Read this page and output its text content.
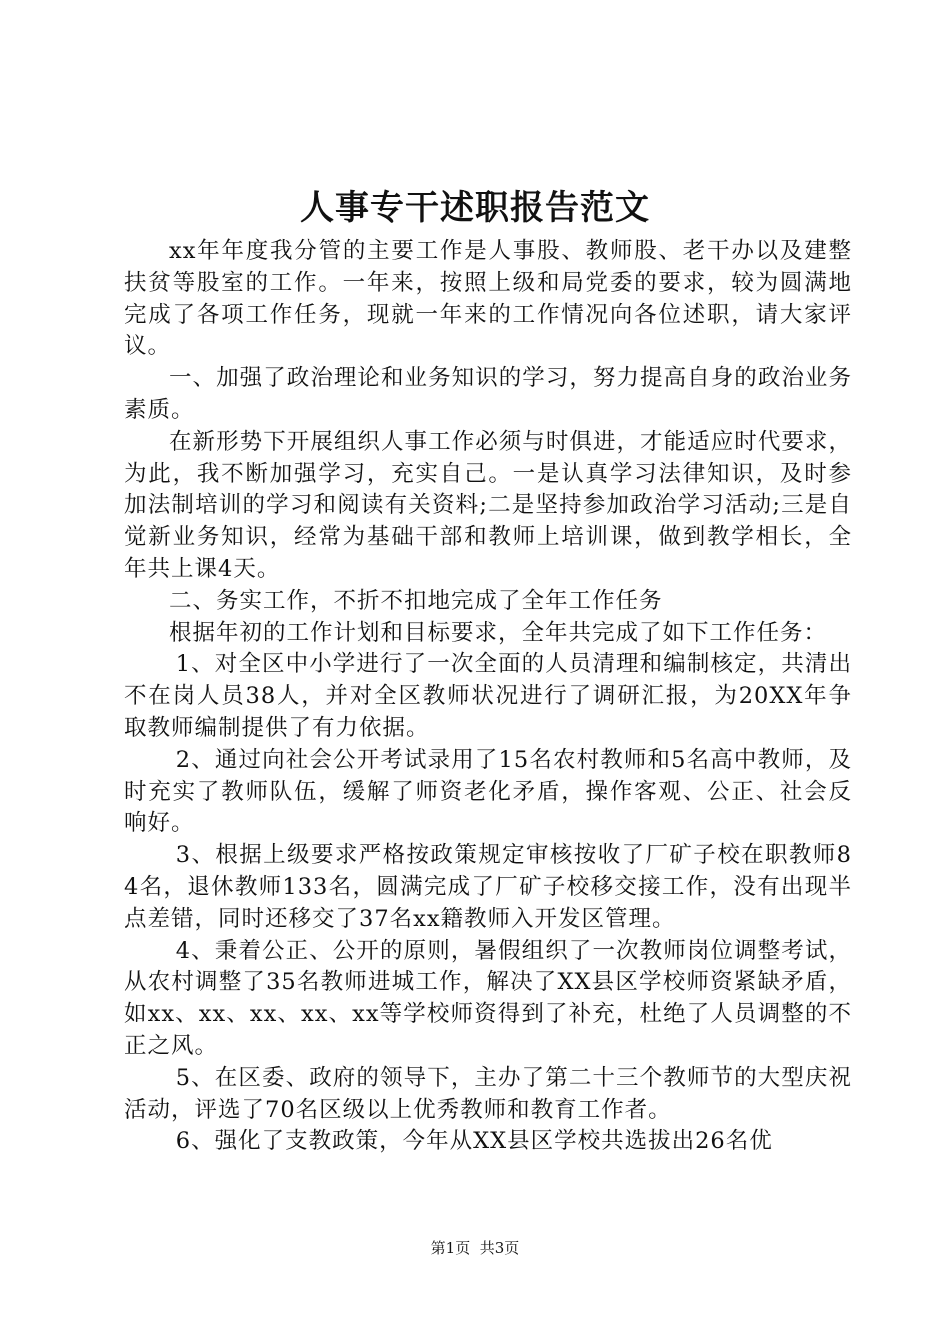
人事专干述职报告范文

xx年年度我分管的主要工作是人事股、教师股、老干办以及建整扶贫等股室的工作。一年来，按照上级和局党委的要求，较为圆满地完成了各项工作任务，现就一年来的工作情况向各位述职，请大家评议。

一、加强了政治理论和业务知识的学习，努力提高自身的政治业务素质。

在新形势下开展组织人事工作必须与时俱进，才能适应时代要求，为此，我不断加强学习，充实自己。一是认真学习法律知识，及时参加法制培训的学习和阅读有关资料;二是坚持参加政治学习活动;三是自觉新业务知识，经常为基础干部和教师上培训课，做到教学相长，全年共上课4天。

二、务实工作，不折不扣地完成了全年工作任务

根据年初的工作计划和目标要求，全年共完成了如下工作任务：

1、对全区中小学进行了一次全面的人员清理和编制核定，共清出不在岗人员38人，并对全区教师状况进行了调研汇报，为20XX年争取教师编制提供了有力依据。

2、通过向社会公开考试录用了15名农村教师和5名高中教师，及时充实了教师队伍，缓解了师资老化矛盾，操作客观、公正、社会反响好。

3、根据上级要求严格按政策规定审核按收了厂矿子校在职教师84名，退休教师133名，圆满完成了厂矿子校移交接工作，没有出现半点差错，同时还移交了37名xx籍教师入开发区管理。

4、秉着公正、公开的原则，暑假组织了一次教师岗位调整考试，从农村调整了35名教师进城工作，解决了XX县区学校师资紧缺矛盾，如xx、xx、xx、xx、xx等学校师资得到了补充，杜绝了人员调整的不正之风。

5、在区委、政府的领导下，主办了第二十三个教师节的大型庆祝活动，评选了70名区级以上优秀教师和教育工作者。

6、强化了支教政策，今年从XX县区学校共选拔出26名优

第1页 共3页
